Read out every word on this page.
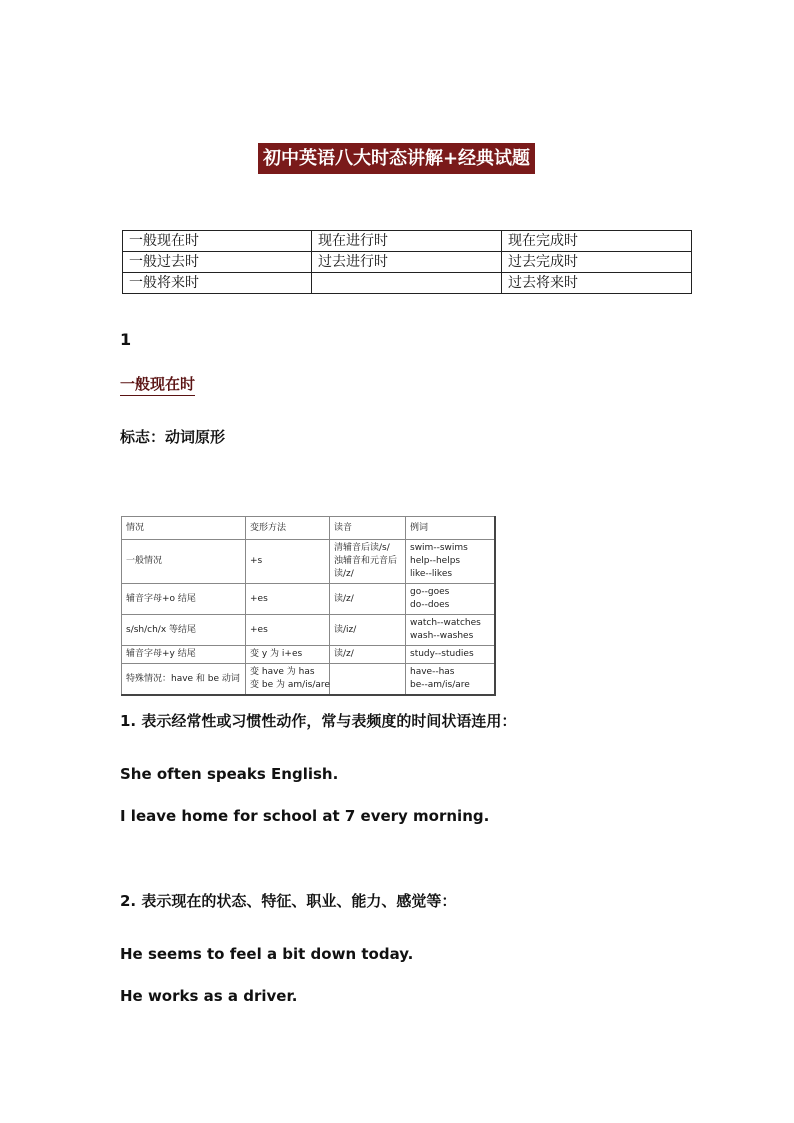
初中英语八大时态讲解+经典试题
一般现在时	现在进行时	现在完成时
一般过去时	过去进行时	过去完成时
一般将来时		过去将来时
1
一般现在时
标志：动词原形
情况	变形方法	读音	例词
一般情况	+s	清辅音后读/s/
浊辅音和元音后
读/z/	swim--swims
help--helps
like--likes

辅音字母+o 结尾	+es	读/z/	go--goes
do--does

s/sh/ch/x 等结尾	+es	读/iz/	watch--watches
wash--washes

辅音字母+y 结尾	变 y 为 i+es	读/z/	study--studies

特殊情况：have 和 be 动词	变 have 为 has
变 be 为 am/is/are		have--has
be--am/is/are
1. 表示经常性或习惯性动作，常与表频度的时间状语连用：
She often speaks English.
I leave home for school at 7 every morning.
2. 表示现在的状态、特征、职业、能力、感觉等：
He seems to feel a bit down today.
He works as a driver.
